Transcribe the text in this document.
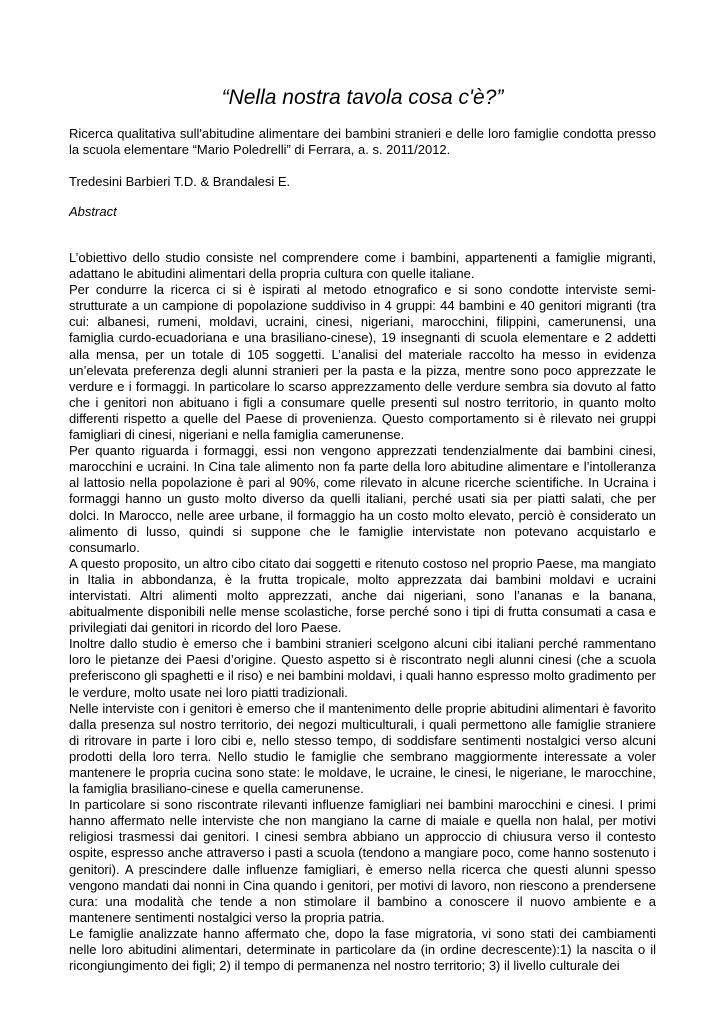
“Nella nostra tavola cosa c'è?”

Ricerca qualitativa sull'abitudine alimentare dei bambini stranieri e delle loro famiglie condotta presso la scuola elementare “Mario Poledrelli” di Ferrara, a. s. 2011/2012.

Tredesini Barbieri T.D. & Brandalesi E.

Abstract

L’obiettivo dello studio consiste nel comprendere come i bambini, appartenenti a famiglie migranti, adattano le abitudini alimentari della propria cultura con quelle italiane.

Per condurre la ricerca ci si è ispirati al metodo etnografico e si sono condotte interviste semi-strutturate a un campione di popolazione suddiviso in 4 gruppi: 44 bambini e 40 genitori migranti (tra cui: albanesi, rumeni, moldavi, ucraini, cinesi, nigeriani, marocchini, filippini, camerunensi, una famiglia curdo-ecuadoriana e una brasiliano-cinese), 19 insegnanti di scuola elementare e 2 addetti alla mensa, per un totale di 105 soggetti. L’analisi del materiale raccolto ha messo in evidenza un’elevata preferenza degli alunni stranieri per la pasta e la pizza, mentre sono poco apprezzate le verdure e i formaggi. In particolare lo scarso apprezzamento delle verdure sembra sia dovuto al fatto che i genitori non abituano i figli a consumare quelle presenti sul nostro territorio, in quanto molto differenti rispetto a quelle del Paese di provenienza. Questo comportamento si è rilevato nei gruppi famigliari di cinesi, nigeriani e nella famiglia camerunense.

Per quanto riguarda i formaggi, essi non vengono apprezzati tendenzialmente dai bambini cinesi, marocchini e ucraini. In Cina tale alimento non fa parte della loro abitudine alimentare e l’intolleranza al lattosio nella popolazione è pari al 90%, come rilevato in alcune ricerche scientifiche. In Ucraina i formaggi hanno un gusto molto diverso da quelli italiani, perché usati sia per piatti salati, che per dolci. In Marocco, nelle aree urbane, il formaggio ha un costo molto elevato, perciò è considerato un alimento di lusso, quindi si suppone che le famiglie intervistate non potevano acquistarlo e consumarlo.

A questo proposito, un altro cibo citato dai soggetti e ritenuto costoso nel proprio Paese, ma mangiato in Italia in abbondanza, è la frutta tropicale, molto apprezzata dai bambini moldavi e ucraini intervistati. Altri alimenti molto apprezzati, anche dai nigeriani, sono l’ananas e la banana, abitualmente disponibili nelle mense scolastiche, forse perché sono i tipi di frutta consumati a casa e privilegiati dai genitori in ricordo del loro Paese.

Inoltre dallo studio è emerso che i bambini stranieri scelgono alcuni cibi italiani perché rammentano loro le pietanze dei Paesi d’origine. Questo aspetto si è riscontrato negli alunni cinesi (che a scuola preferiscono gli spaghetti e il riso) e nei bambini moldavi, i quali hanno espresso molto gradimento per le verdure, molto usate nei loro piatti tradizionali.

Nelle interviste con i genitori è emerso che il mantenimento delle proprie abitudini alimentari è favorito dalla presenza sul nostro territorio, dei negozi multiculturali, i quali permettono alle famiglie straniere di ritrovare in parte i loro cibi e, nello stesso tempo, di soddisfare sentimenti nostalgici verso alcuni prodotti della loro terra. Nello studio le famiglie che sembrano maggiormente interessate a voler mantenere le propria cucina sono state: le moldave, le ucraine, le cinesi, le nigeriane, le marocchine, la famiglia brasiliano-cinese e quella camerunense.

In particolare si sono riscontrate rilevanti influenze famigliari nei bambini marocchini e cinesi. I primi hanno affermato nelle interviste che non mangiano la carne di maiale e quella non halal, per motivi religiosi trasmessi dai genitori. I cinesi sembra abbiano un approccio di chiusura verso il contesto ospite, espresso anche attraverso i pasti a scuola (tendono a mangiare poco, come hanno sostenuto i genitori). A prescindere dalle influenze famigliari, è emerso nella ricerca che questi alunni spesso vengono mandati dai nonni in Cina quando i genitori, per motivi di lavoro, non riescono a prendersene cura: una modalità che tende a non stimolare il bambino a conoscere il nuovo ambiente e a mantenere sentimenti nostalgici verso la propria patria.

Le famiglie analizzate hanno affermato che, dopo la fase migratoria, vi sono stati dei cambiamenti nelle loro abitudini alimentari, determinate in particolare da (in ordine decrescente):1) la nascita o il ricongiungimento dei figli; 2) il tempo di permanenza nel nostro territorio; 3) il livello culturale dei
